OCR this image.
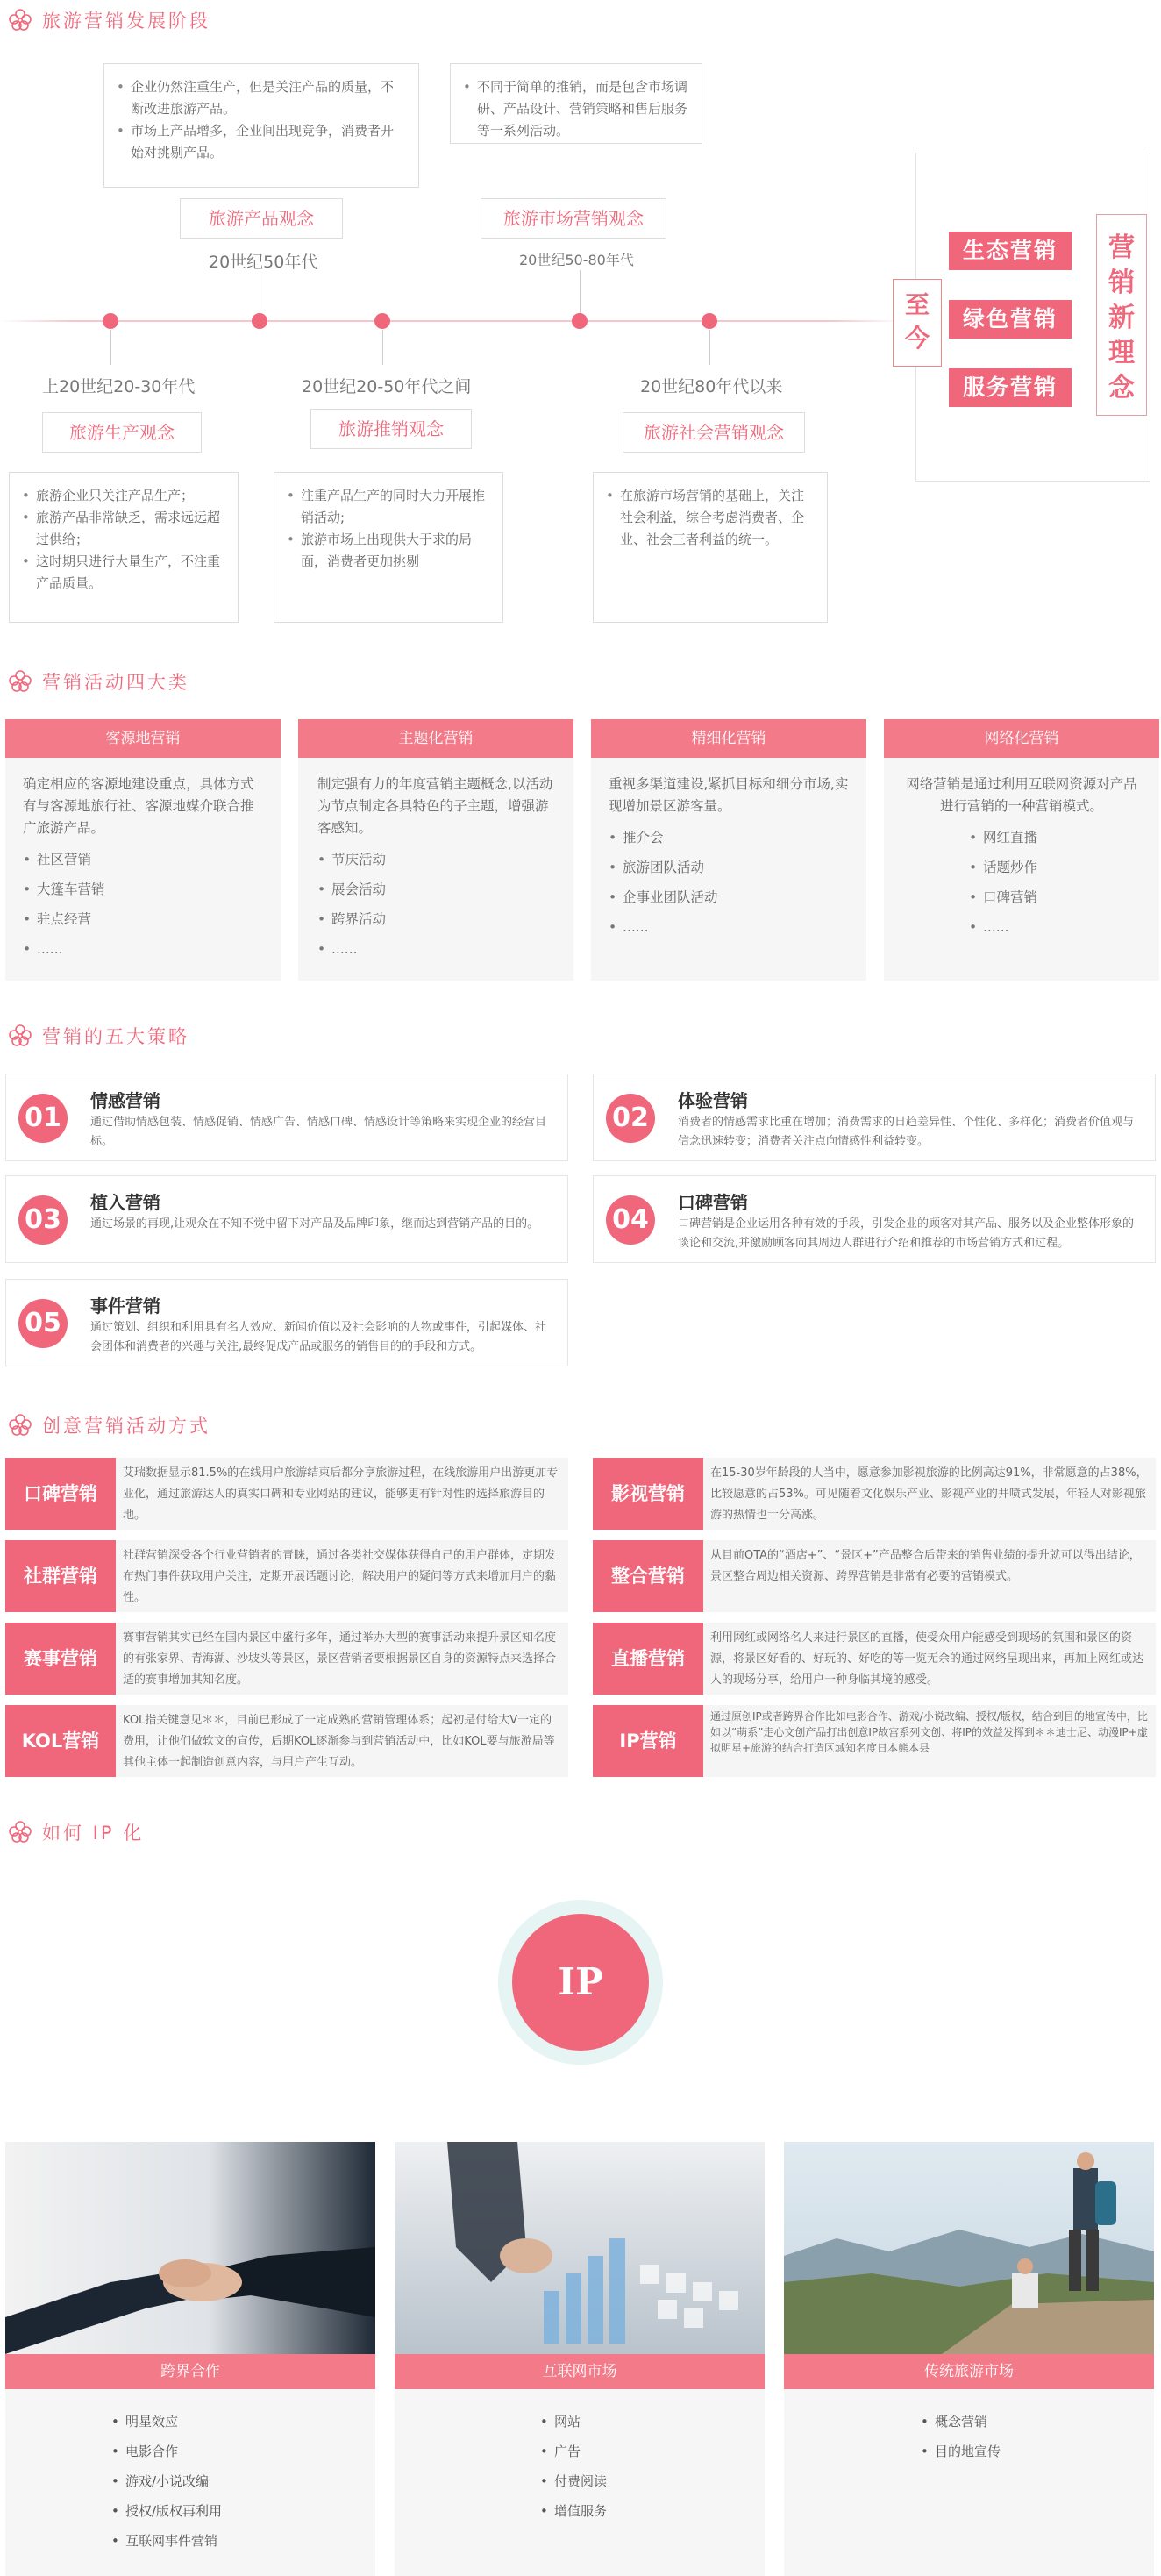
旅游营销发展阶段
• 企业仍然注重生产，但是关注产品的质量，不断改进旅游产品。
• 市场上产品增多，企业间出现竞争，消费者开始对挑剔产品。
旅游产品观念
20世纪50年代
• 不同于简单的推销，而是包含市场调研、产品设计、营销策略和售后服务等一系列活动。
旅游市场营销观念
20世纪50-80年代
上20世纪20-30年代
旅游生产观念
• 旅游企业只关注产品生产；
• 旅游产品非常缺乏，需求远远超过供给；
• 这时期只进行大量生产，不注重产品质量。
20世纪20-50年代之间
旅游推销观念
• 注重产品生产的同时大力开展推销活动;
• 旅游市场上出现供大于求的局面，消费者更加挑剔
20世纪80年代以来
旅游社会营销观念
• 在旅游市场营销的基础上，关注社会利益，综合考虑消费者、企业、社会三者利益的统一。
至今
生态营销
绿色营销
服务营销
营销新理念
营销活动四大类
客源地营销
确定相应的客源地建设重点，具体方式有与客源地旅行社、客源地媒介联合推广旅游产品。
• 社区营销
• 大篷车营销
• 驻点经营
• ......
主题化营销
制定强有力的年度营销主题概念,以活动为节点制定各具特色的子主题，增强游客感知。
• 节庆活动
• 展会活动
• 跨界活动
• ......
精细化营销
重视多渠道建设,紧抓目标和细分市场,实现增加景区游客量。
• 推介会
• 旅游团队活动
• 企事业团队活动
• ......
网络化营销
网络营销是通过利用互联网资源对产品进行营销的一种营销模式。
• 网红直播
• 话题炒作
• 口碑营销
• ......
营销的五大策略
01
情感营销
通过借助情感包装、情感促销、情感广告、情感口碑、情感设计等策略来实现企业的经营目标。
02
体验营销
消费者的情感需求比重在增加；消费需求的日趋差异性、个性化、多样化；消费者价值观与信念迅速转变；消费者关注点向情感性利益转变。
03
植入营销
通过场景的再现,让观众在不知不觉中留下对产品及品牌印象，继而达到营销产品的目的。	04
口碑营销
口碑营销是企业运用各种有效的手段，引发企业的顾客对其产品、服务以及企业整体形象的谈论和交流,并激励顾客向其周边人群进行介绍和推荐的市场营销方式和过程。
05
事件营销
通过策划、组织和利用具有名人效应、新闻价值以及社会影响的人物或事件，引起媒体、社会团体和消费者的兴趣与关注,最终促成产品或服务的销售目的的手段和方式。
创意营销活动方式
口碑营销
艾瑞数据显示81.5%的在线用户旅游结束后都分享旅游过程，在线旅游用户出游更加专业化，通过旅游达人的真实口碑和专业网站的建议，能够更有针对性的选择旅游目的地。
影视营销
在15-30岁年龄段的人当中，愿意参加影视旅游的比例高达91%，非常愿意的占38%，比较愿意的占53%。可见随着文化娱乐产业、影视产业的井喷式发展，年轻人对影视旅游的热情也十分高涨。
社群营销
社群营销深受各个行业营销者的青睐，通过各类社交媒体获得自己的用户群体，定期发布热门事件获取用户关注，定期开展话题讨论，解决用户的疑问等方式来增加用户的黏性。
整合营销
从目前OTA的“酒店+”、“景区+”产品整合后带来的销售业绩的提升就可以得出结论，景区整合周边相关资源、跨界营销是非常有必要的营销模式。
赛事营销
赛事营销其实已经在国内景区中盛行多年，通过举办大型的赛事活动来提升景区知名度的有张家界、青海湖、沙坡头等景区，景区营销者要根据景区自身的资源特点来选择合适的赛事增加其知名度。
直播营销
利用网红或网络名人来进行景区的直播，使受众用户能感受到现场的氛围和景区的资源，将景区好看的、好玩的、好吃的等一览无余的通过网络呈现出来，再加上网红或达人的现场分享，给用户一种身临其境的感受。
KOL营销
KOL指关键意见＊＊，目前已形成了一定成熟的营销管理体系；起初是付给大V一定的费用，让他们做软文的宣传，后期KOL逐渐参与到营销活动中，比如KOL要与旅游局等其他主体一起制造创意内容，与用户产生互动。
IP营销
通过原创IP或者跨界合作比如电影合作、游戏/小说改编、授权/版权，结合到目的地宣传中，比如以“萌系”走心文创产品打出创意IP故宫系列文创、将IP的效益发挥到＊＊迪士尼、动漫IP+虚拟明星+旅游的结合打造区域知名度日本熊本县
如何 IP 化
IP
跨界合作
• 明星效应
• 电影合作
• 游戏/小说改编
• 授权/版权再利用
• 互联网事件营销
互联网市场
• 网站
• 广告
• 付费阅读
• 增值服务
传统旅游市场
• 概念营销
• 目的地宣传
